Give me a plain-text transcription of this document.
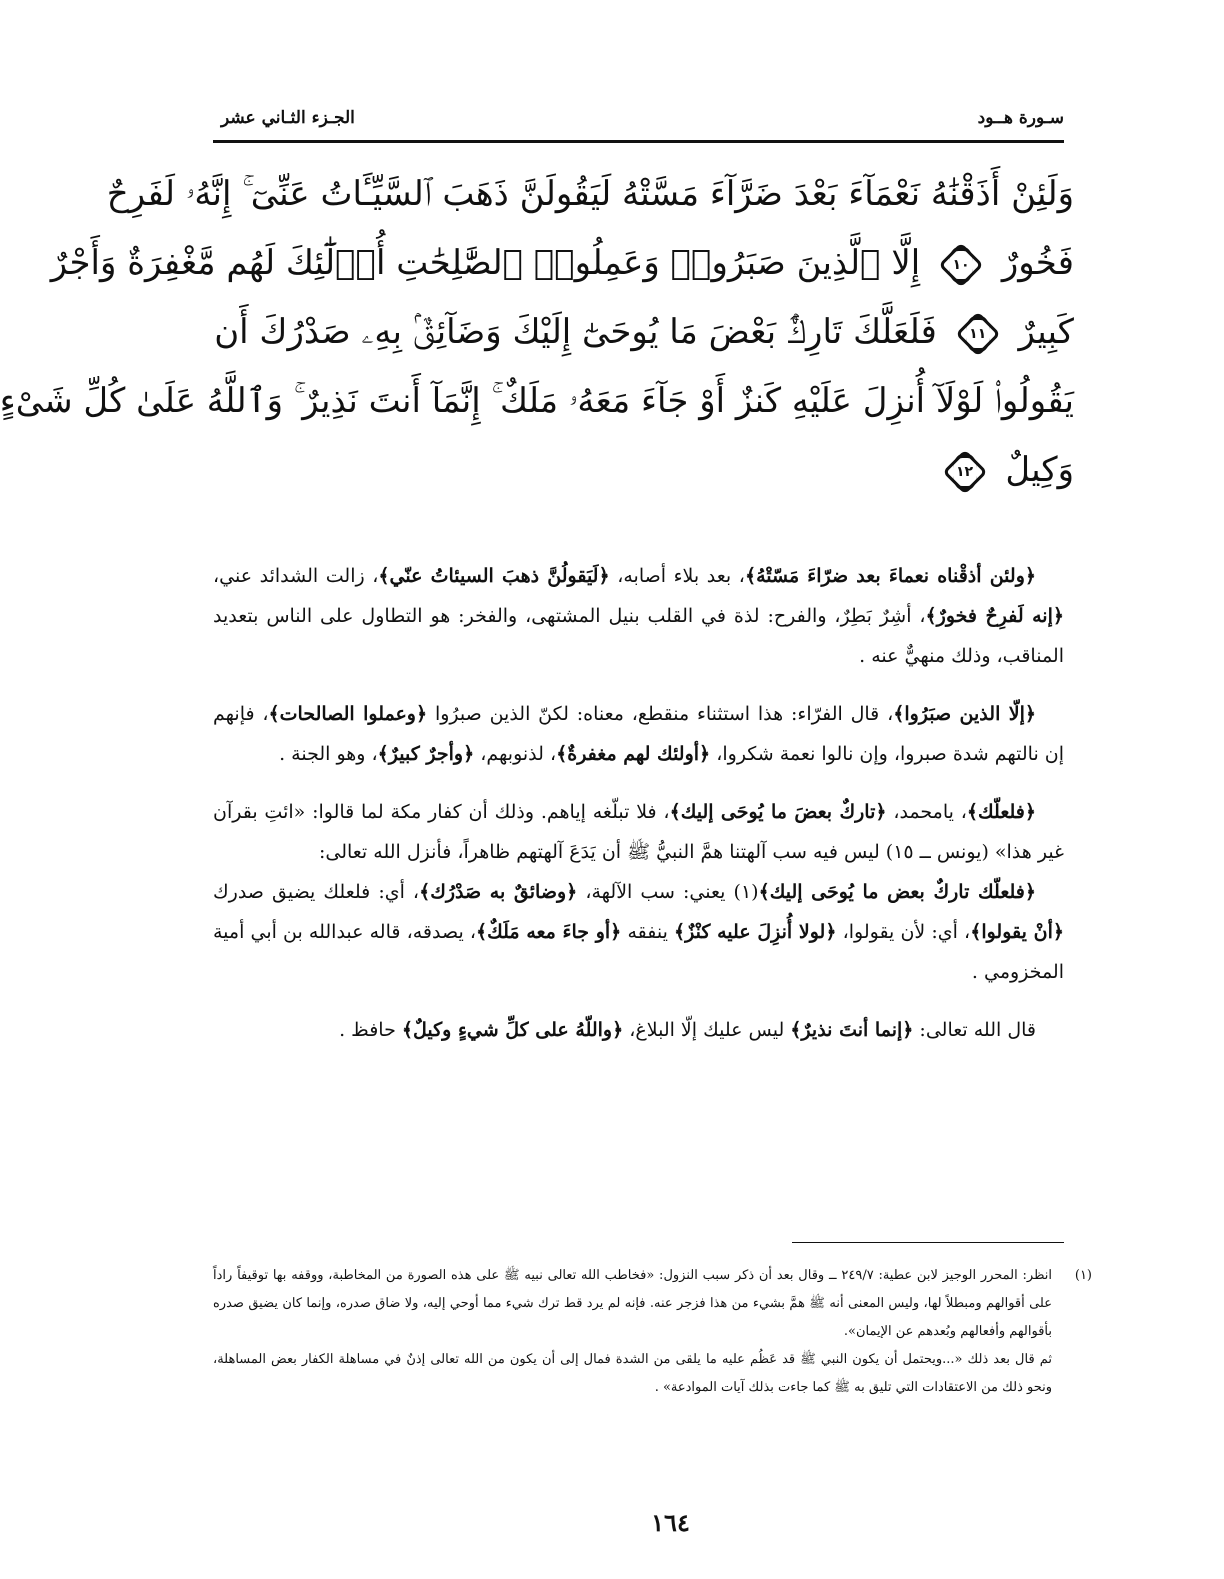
سـورة هــود
الجـزء الثـاني عشر
وَلَئِنْ أَذَقْنَٰهُ نَعْمَآءَ بَعْدَ ضَرَّآءَ مَسَّتْهُ لَيَقُولَنَّ ذَهَبَ ٱلسَّيِّـَٔاتُ عَنِّىٓ ۚ إِنَّهُۥ لَفَرِحٌ
فَخُورٌ
١٠
إِلَّا ٱلَّذِينَ صَبَرُوا۟ وَعَمِلُوا۟ ٱلصَّٰلِحَٰتِ أُو۟لَٰٓئِكَ لَهُم مَّغْفِرَةٌ وَأَجْرٌ
كَبِيرٌ
١١
فَلَعَلَّكَ تَارِكٌۢ بَعْضَ مَا يُوحَىٰٓ إِلَيْكَ وَضَآئِقٌۢ بِهِۦ صَدْرُكَ أَن
يَقُولُوا۟ لَوْلَآ أُنزِلَ عَلَيْهِ كَنزٌ أَوْ جَآءَ مَعَهُۥ مَلَكٌ ۚ إِنَّمَآ أَنتَ نَذِيرٌ ۚ وَٱللَّهُ عَلَىٰ كُلِّ شَىْءٍ
وَكِيلٌ
١٢

﴿ولئن أذقْناه نعماءَ بعد ضرّاءَ مَسّتْهُ﴾، بعد بلاء أصابه، ﴿لَيَقولُنَّ ذهبَ السيئاتُ عنّي﴾، زالت الشدائد عني، ﴿إنه لَفرِحٌ فخورٌ﴾، أشِرٌ بَطِرٌ، والفرح: لذة في القلب بنيل المشتهى، والفخر: هو التطاول على الناس بتعديد المناقب، وذلك منهيٌّ عنه .

﴿إلّا الذين صبَرُوا﴾، قال الفرّاء: هذا استثناء منقطع، معناه: لكنّ الذين صبرُوا ﴿وعملوا الصالحات﴾، فإنهم إن نالتهم شدة صبروا، وإن نالوا نعمة شكروا، ﴿أولئك لهم مغفرةٌ﴾، لذنوبهم، ﴿وأجرٌ كبيرٌ﴾، وهو الجنة .

﴿فلعلّك﴾، يامحمد، ﴿تاركٌ بعضَ ما يُوحَى إليك﴾، فلا تبلّغه إياهم. وذلك أن كفار مكة لما قالوا: «ائتِ بقرآن غير هذا» (يونس ــ ١٥) ليس فيه سب آلهتنا همَّ النبيُّ ﷺ أن يَدَعَ آلهتهم ظاهراً، فأنزل الله تعالى:

﴿فلعلّك تاركٌ بعض ما يُوحَى إليك﴾(١) يعني: سب الآلهة، ﴿وضائقٌ به صَدْرُك﴾، أي: فلعلك يضيق صدرك ﴿أنْ يقولوا﴾، أي: لأن يقولوا، ﴿لولا أُنزِلَ عليه كنْزٌ﴾ ينفقه ﴿أو جاءَ معه مَلَكٌ﴾، يصدقه، قاله عبدالله بن أبي أمية المخزومي .

قال الله تعالى: ﴿إنما أنتَ نذيرٌ﴾ ليس عليك إلّا البلاغ، ﴿واللّهُ على كلِّ شيءٍ وكيلٌ﴾ حافظ .

(١)

انظر: المحرر الوجيز لابن عطية: ٢٤٩/٧ ــ وقال بعد أن ذكر سبب النزول: «فخاطب الله تعالى نبيه ﷺ على هذه الصورة من المخاطبة، ووقفه بها توقيفاً راداً على أقوالهم ومبطلاً لها، وليس المعنى أنه ﷺ همَّ بشيء من هذا فزجر عنه. فإنه لم يرد قط ترك شيء مما أوحي إليه، ولا ضاق صدره، وإنما كان يضيق صدره بأقوالهم وأفعالهم وبُعدهم عن الإيمان».

ثم قال بعد ذلك «...ويحتمل أن يكون النبي ﷺ قد عَظُم عليه ما يلقى من الشدة فمال إلى أن يكون من الله تعالى إذنٌ في مساهلة الكفار بعض المساهلة، ونحو ذلك من الاعتقادات التي تليق به ﷺ كما جاءت بذلك آيات الموادعة» .

١٦٤
